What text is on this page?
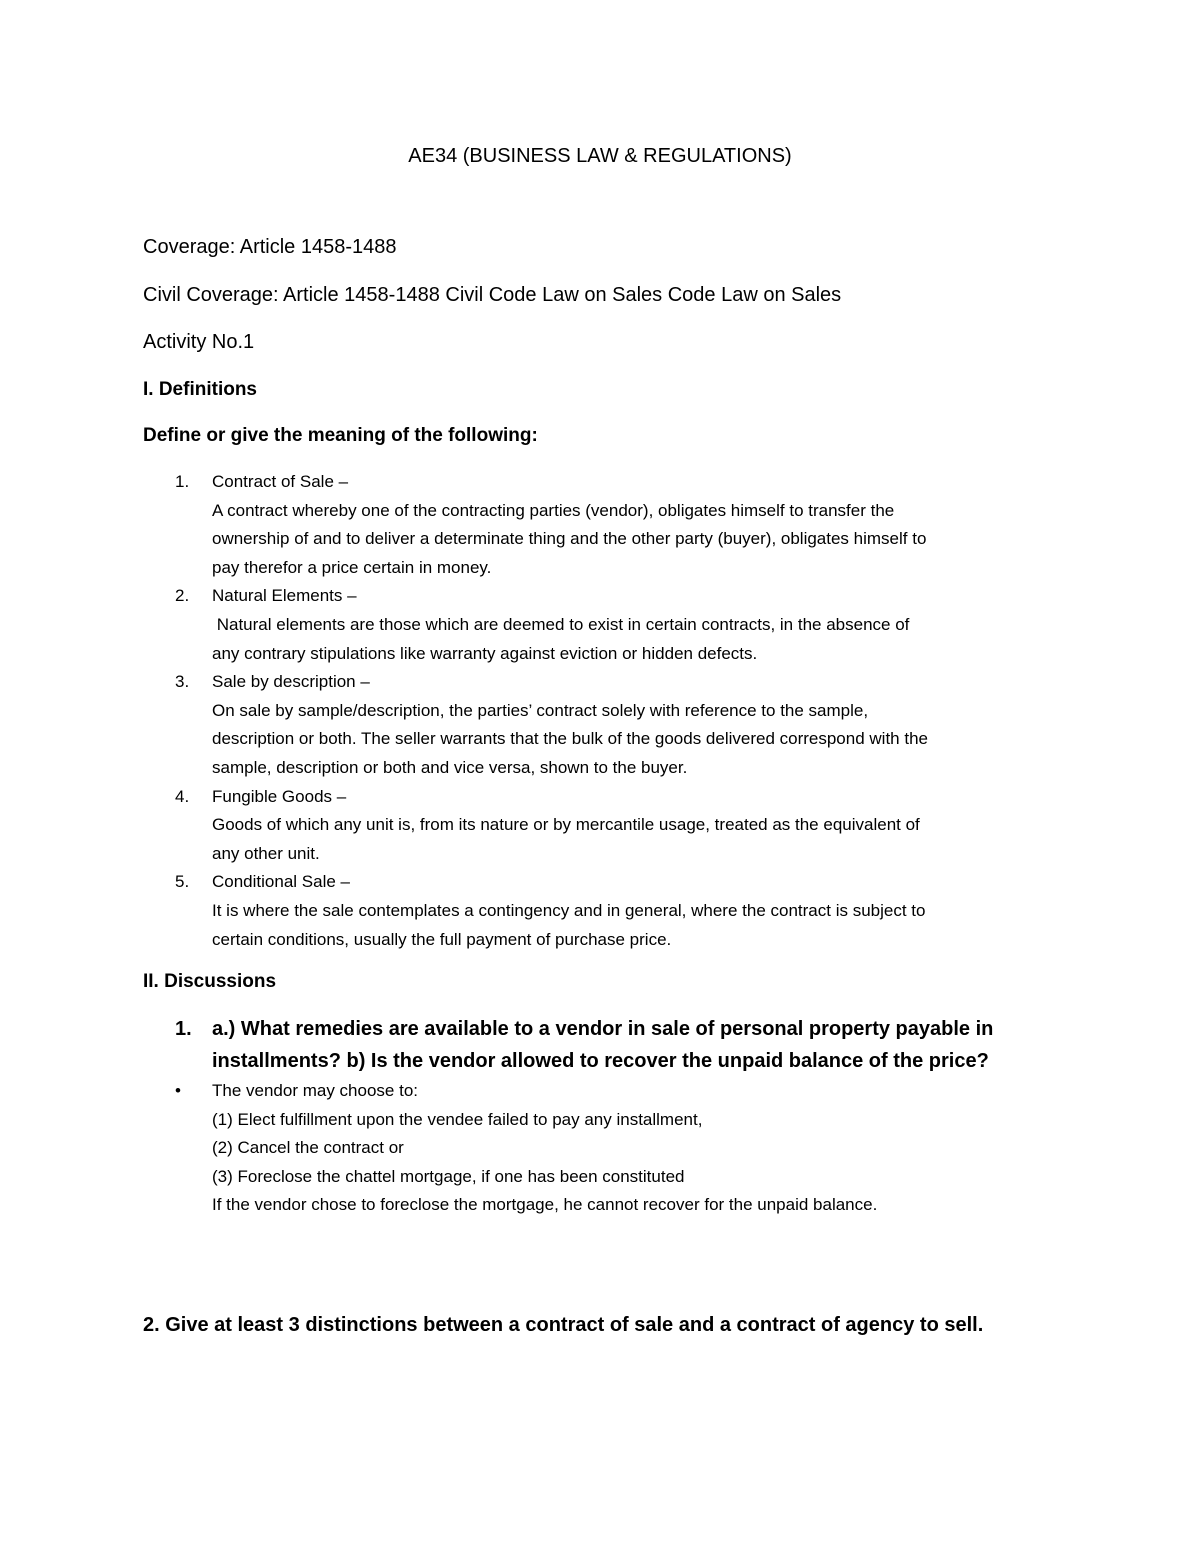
AE34 (BUSINESS LAW & REGULATIONS)
Coverage: Article 1458-1488
Civil Coverage: Article 1458-1488 Civil Code Law on Sales Code Law on Sales
Activity No.1
I. Definitions
Define or give the meaning of the following:
1. Contract of Sale –
A contract whereby one of the contracting parties (vendor), obligates himself to transfer the
ownership of and to deliver a determinate thing and the other party (buyer), obligates himself to
pay therefor a price certain in money.
2. Natural Elements –
Natural elements are those which are deemed to exist in certain contracts, in the absence of
any contrary stipulations like warranty against eviction or hidden defects.
3. Sale by description –
On sale by sample/description, the parties’ contract solely with reference to the sample,
description or both. The seller warrants that the bulk of the goods delivered correspond with the
sample, description or both and vice versa, shown to the buyer.
4. Fungible Goods –
Goods of which any unit is, from its nature or by mercantile usage, treated as the equivalent of
any other unit.
5. Conditional Sale –
It is where the sale contemplates a contingency and in general, where the contract is subject to
certain conditions, usually the full payment of purchase price.
II. Discussions
1. a.) What remedies are available to a vendor in sale of personal property payable in
installments? b) Is the vendor allowed to recover the unpaid balance of the price?
• The vendor may choose to:
(1) Elect fulfillment upon the vendee failed to pay any installment,
(2) Cancel the contract or
(3) Foreclose the chattel mortgage, if one has been constituted
If the vendor chose to foreclose the mortgage, he cannot recover for the unpaid balance.
2. Give at least 3 distinctions between a contract of sale and a contract of agency to sell.
